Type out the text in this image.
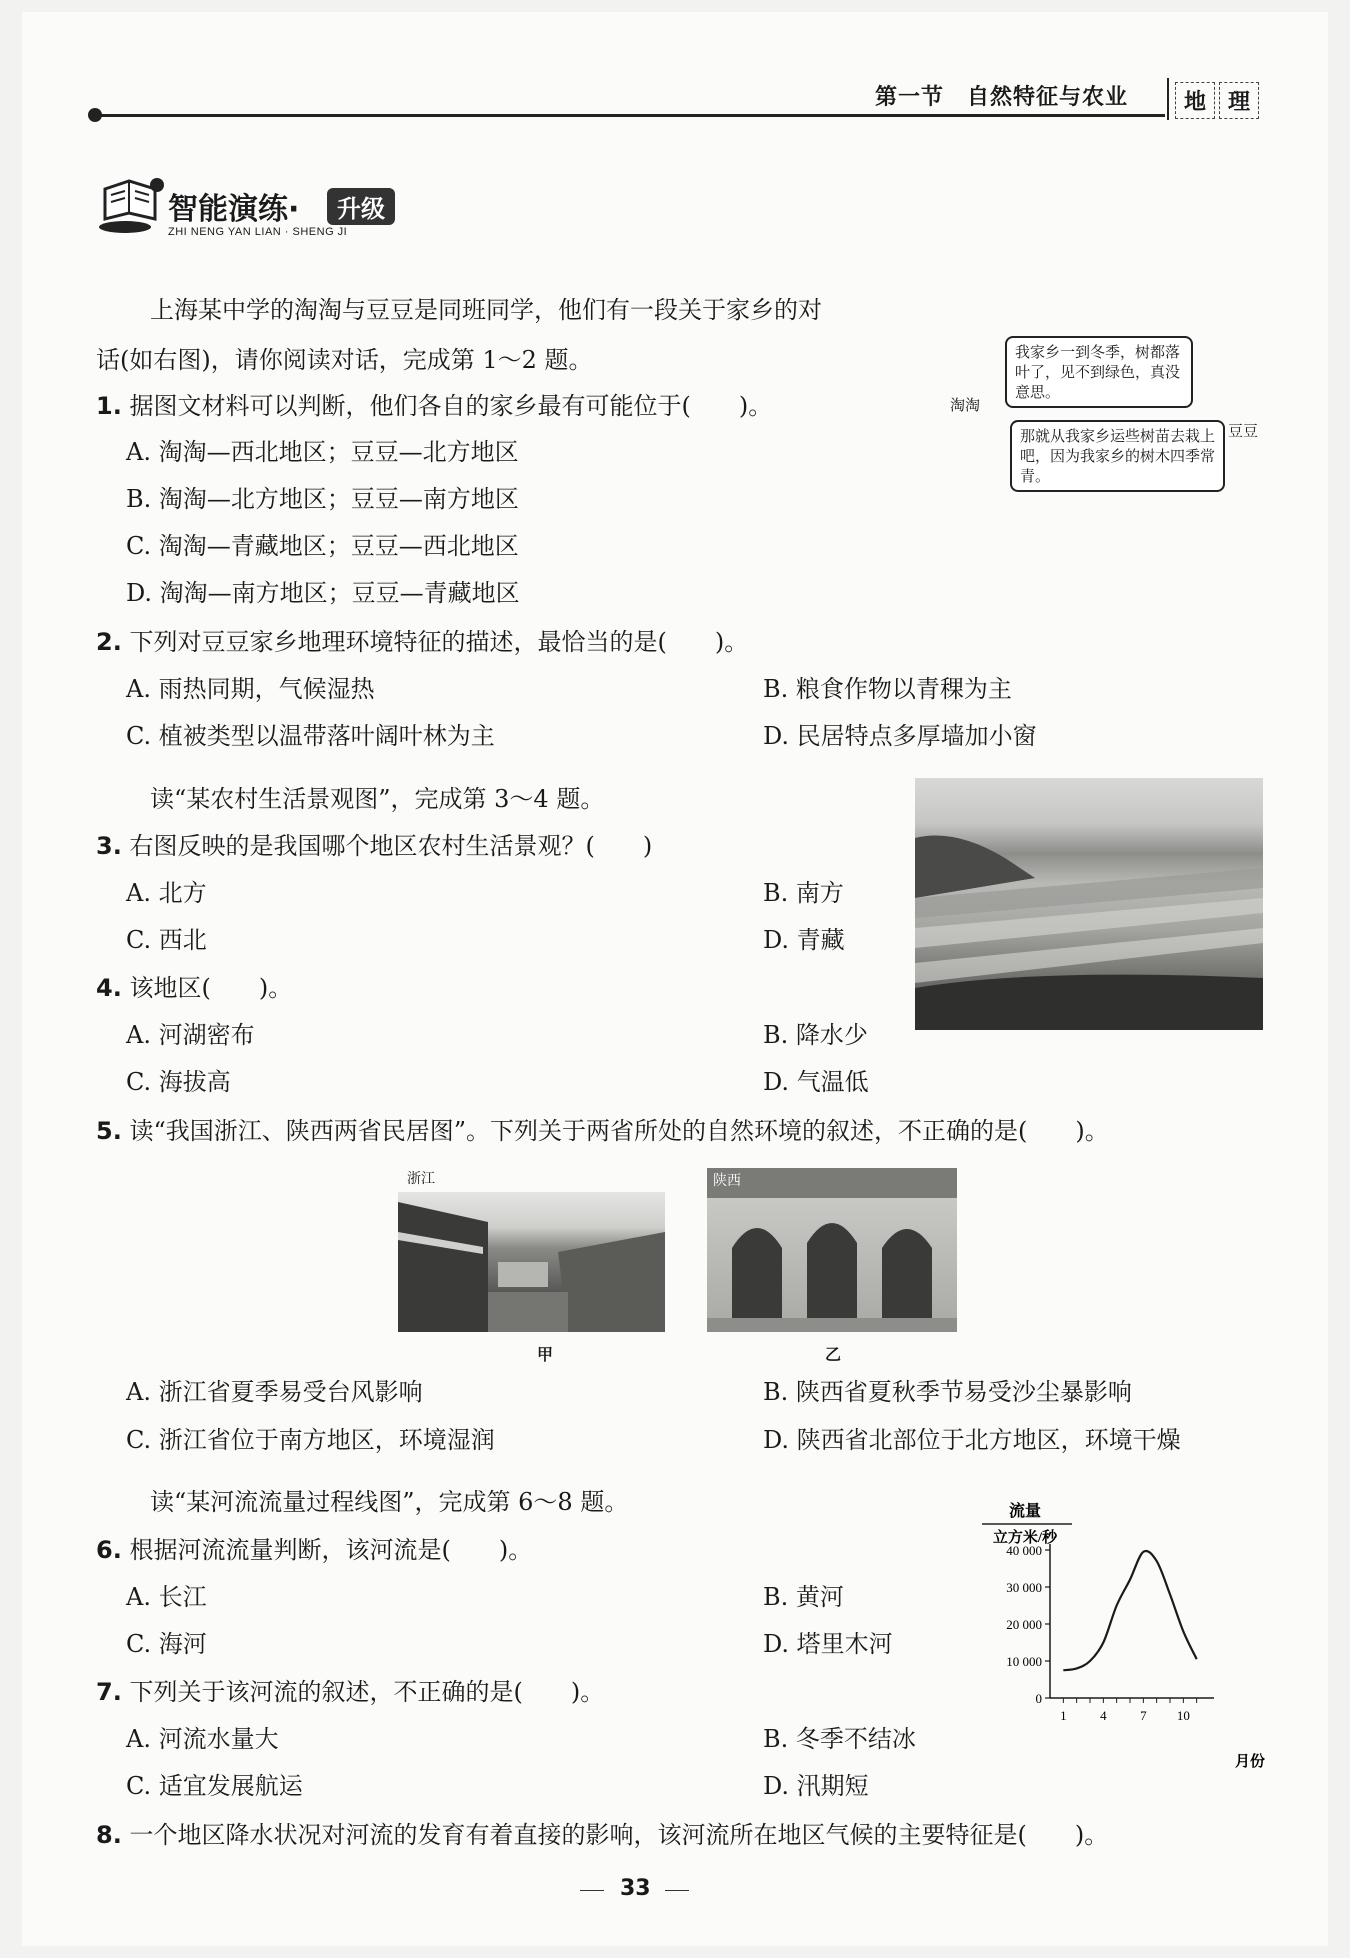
第一节　自然特征与农业	地 理
智能演练·	升级
ZHI NENG YAN LIAN · SHENG JI
上海某中学的淘淘与豆豆是同班同学，他们有一段关于家乡的对
话(如右图)，请你阅读对话，完成第 1～2 题。	我家乡一到冬季，树都落叶了，见不到绿色，真没意思。
淘淘
那就从我家乡运些树苗去栽上吧，因为我家乡的树木四季常青。
豆豆
1. 据图文材料可以判断，他们各自的家乡最有可能位于(　　)。
A. 淘淘—西北地区；豆豆—北方地区
B. 淘淘—北方地区；豆豆—南方地区
C. 淘淘—青藏地区；豆豆—西北地区
D. 淘淘—南方地区；豆豆—青藏地区
2. 下列对豆豆家乡地理环境特征的描述，最恰当的是(　　)。
A. 雨热同期，气候湿热	B. 粮食作物以青稞为主
C. 植被类型以温带落叶阔叶林为主	D. 民居特点多厚墙加小窗
读“某农村生活景观图”，完成第 3～4 题。
3. 右图反映的是我国哪个地区农村生活景观？(　　)
A. 北方	B. 南方
C. 西北	D. 青藏
4. 该地区(　　)。
A. 河湖密布	B. 降水少
C. 海拔高	D. 气温低
5. 读“我国浙江、陕西两省民居图”。下列关于两省所处的自然环境的叙述，不正确的是(　　)。
浙江	陕西
甲	乙
A. 浙江省夏季易受台风影响	B. 陕西省夏秋季节易受沙尘暴影响
C. 浙江省位于南方地区，环境湿润	D. 陕西省北部位于北方地区，环境干燥
读“某河流流量过程线图”，完成第 6～8 题。
6. 根据河流流量判断，该河流是(　　)。
A. 长江	B. 黄河
C. 海河	D. 塔里木河
7. 下列关于该河流的叙述，不正确的是(　　)。
A. 河流水量大	B. 冬季不结冰
C. 适宜发展航运	D. 汛期短
8. 一个地区降水状况对河流的发育有着直接的影响，该河流所在地区气候的主要特征是(　　)。
流量
立方米/秒
月份
0
10 000
20 000
30 000
40 000
1	4	7 10
33
